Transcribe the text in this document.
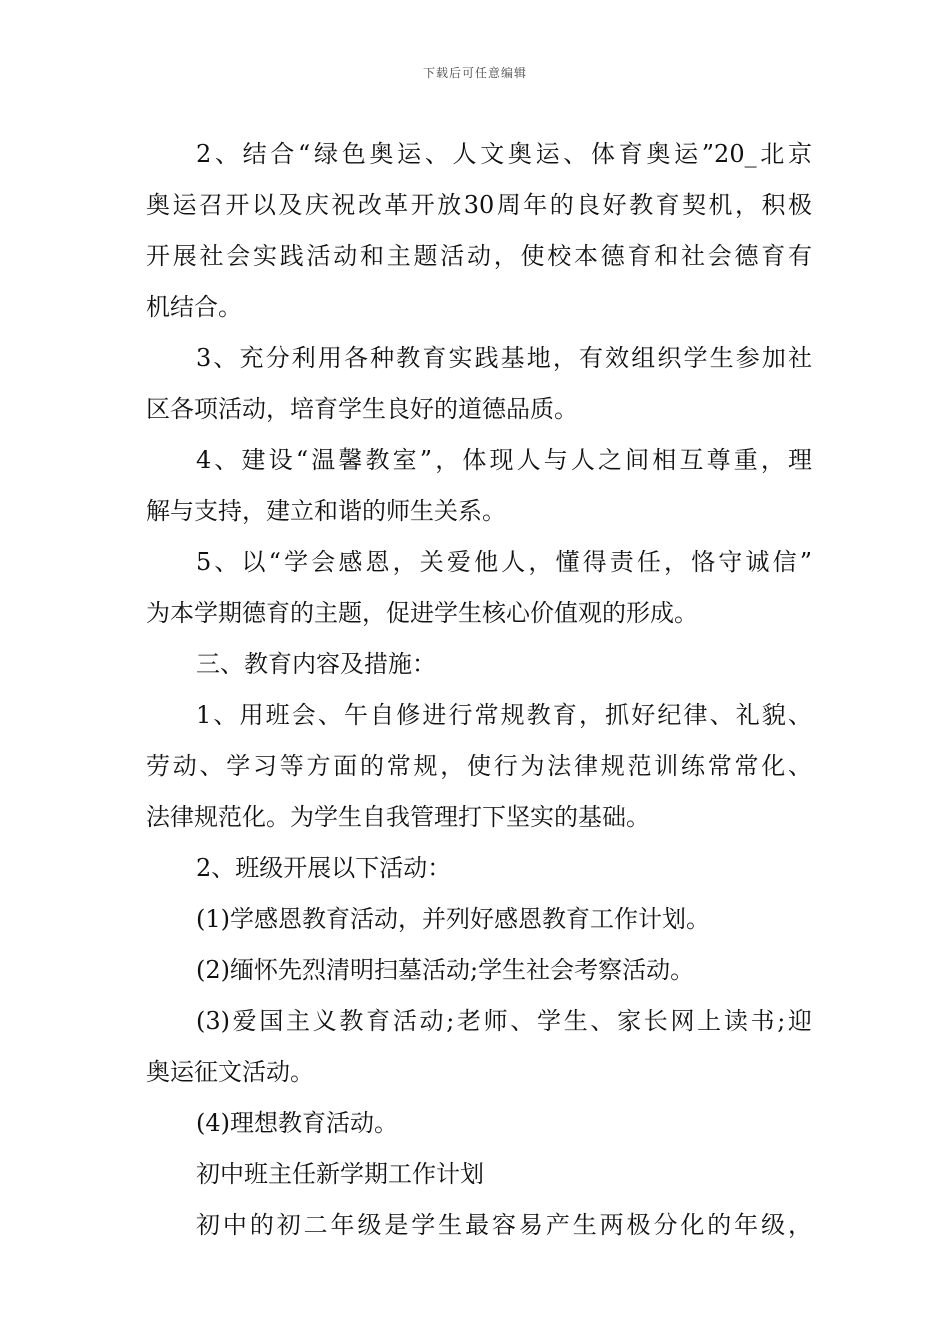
下载后可任意编辑
2、结合“绿色奥运、人文奥运、体育奥运”20_北京
奥运召开以及庆祝改革开放30周年的良好教育契机，积极
开展社会实践活动和主题活动，使校本德育和社会德育有
机结合。
3、充分利用各种教育实践基地，有效组织学生参加社
区各项活动，培育学生良好的道德品质。
4、建设“温馨教室”，体现人与人之间相互尊重，理
解与支持，建立和谐的师生关系。
5、以“学会感恩，关爱他人，懂得责任，恪守诚信”
为本学期德育的主题，促进学生核心价值观的形成。
三、教育内容及措施：
1、用班会、午自修进行常规教育，抓好纪律、礼貌、
劳动、学习等方面的常规，使行为法律规范训练常常化、
法律规范化。为学生自我管理打下坚实的基础。
2、班级开展以下活动：
(1)学感恩教育活动，并列好感恩教育工作计划。
(2)缅怀先烈清明扫墓活动;学生社会考察活动。
(3)爱国主义教育活动;老师、学生、家长网上读书;迎
奥运征文活动。
(4)理想教育活动。
初中班主任新学期工作计划
初中的初二年级是学生最容易产生两极分化的年级，
